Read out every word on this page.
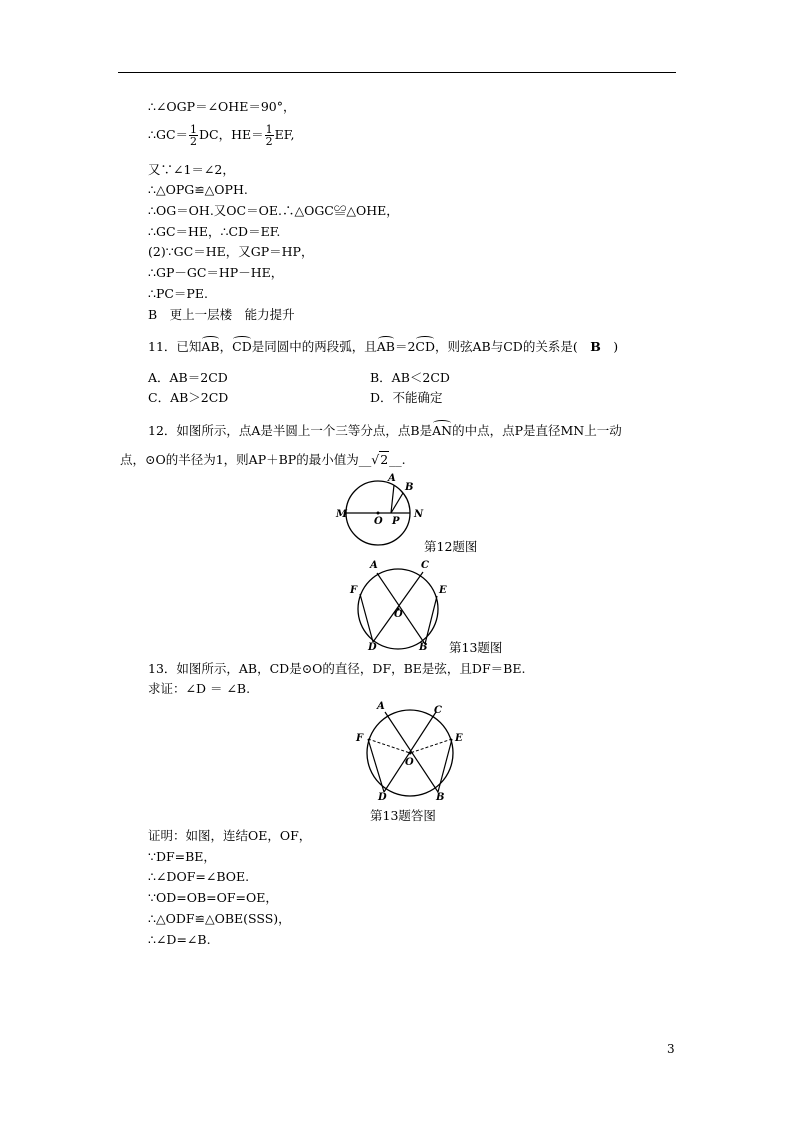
∴∠OGP＝∠OHE＝90°，
∴GC＝ $\frac{1}{2}$ DC，$HE= \frac{1}{2}$ EF,
又∵∠1＝∠2，
∴△OPG≌△OPH.
∴OG＝OH.又OC＝OE.∴△OGC≌△OHE，
∴GC＝HE，∴CD＝EF.
(2)∵GC＝HE，又GP＝HP，
∴GP－GC＝HP－HE，
∴PC＝PE.
B　更上一层楼　能力提升
11．已知AB，CD是同圆中的两段弧，且AB＝2CD，则弦AB与CD的关系是(　B　)
A．AB＝2CD	B．AB＜2CD
C．AB＞2CD	D．不能确定
12．如图所示，点A是半圆上一个三等分点，点B是AN的中点，点P是直径MN上一动
点，⊙O的半径为1，则AP＋BP的最小值为__√2__.
M	N
O P
A
B
第12题图
A	C
F	E
O
D	B 第13题图
13．如图所示，AB，CD是⊙O的直径，DF，BE是弦，且DF＝BE.
求证：∠D ＝ ∠B.
A	C
F	E
O
D	B
第13题答图
证明：如图，连结OE，OF，
∵DF=BE，
∴∠DOF=∠BOE.
∵OD=OB=OF=OE，
∴△ODF≌△OBE(SSS)，
∴∠D=∠B.
3
